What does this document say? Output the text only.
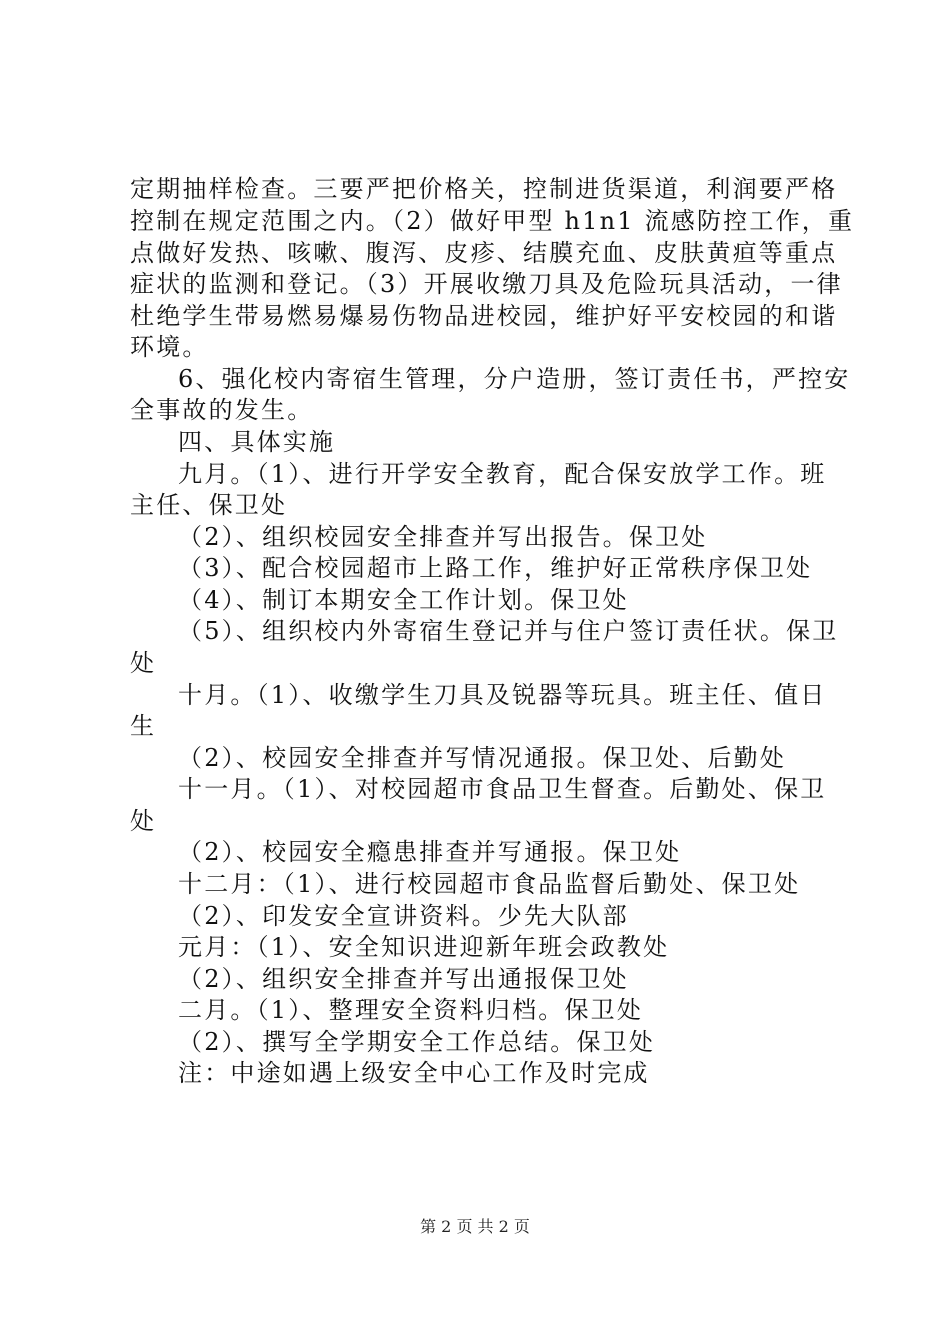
定期抽样检查。三要严把价格关，控制进货渠道，利润要严格
控制在规定范围之内。（2）做好甲型 h1n1 流感防控工作，重
点做好发热、咳嗽、腹泻、皮疹、结膜充血、皮肤黄疸等重点
症状的监测和登记。（3）开展收缴刀具及危险玩具活动，一律
杜绝学生带易燃易爆易伤物品进校园，维护好平安校园的和谐
环境。
6、强化校内寄宿生管理，分户造册，签订责任书，严控安
全事故的发生。
四、具体实施
九月。（1）、进行开学安全教育，配合保安放学工作。班
主任、保卫处
（2）、组织校园安全排查并写出报告。保卫处
（3）、配合校园超市上路工作，维护好正常秩序保卫处
（4）、制订本期安全工作计划。保卫处
（5）、组织校内外寄宿生登记并与住户签订责任状。保卫
处
十月。（1）、收缴学生刀具及锐器等玩具。班主任、值日
生
（2）、校园安全排查并写情况通报。保卫处、后勤处
十一月。（1）、对校园超市食品卫生督查。后勤处、保卫
处
（2）、校园安全瘾患排查并写通报。保卫处
十二月：（1）、进行校园超市食品监督后勤处、保卫处
（2）、印发安全宣讲资料。少先大队部
元月：（1）、安全知识进迎新年班会政教处
（2）、组织安全排查并写出通报保卫处
二月。（1）、整理安全资料归档。保卫处
（2）、撰写全学期安全工作总结。保卫处
注：中途如遇上级安全中心工作及时完成
第 2 页 共 2 页
